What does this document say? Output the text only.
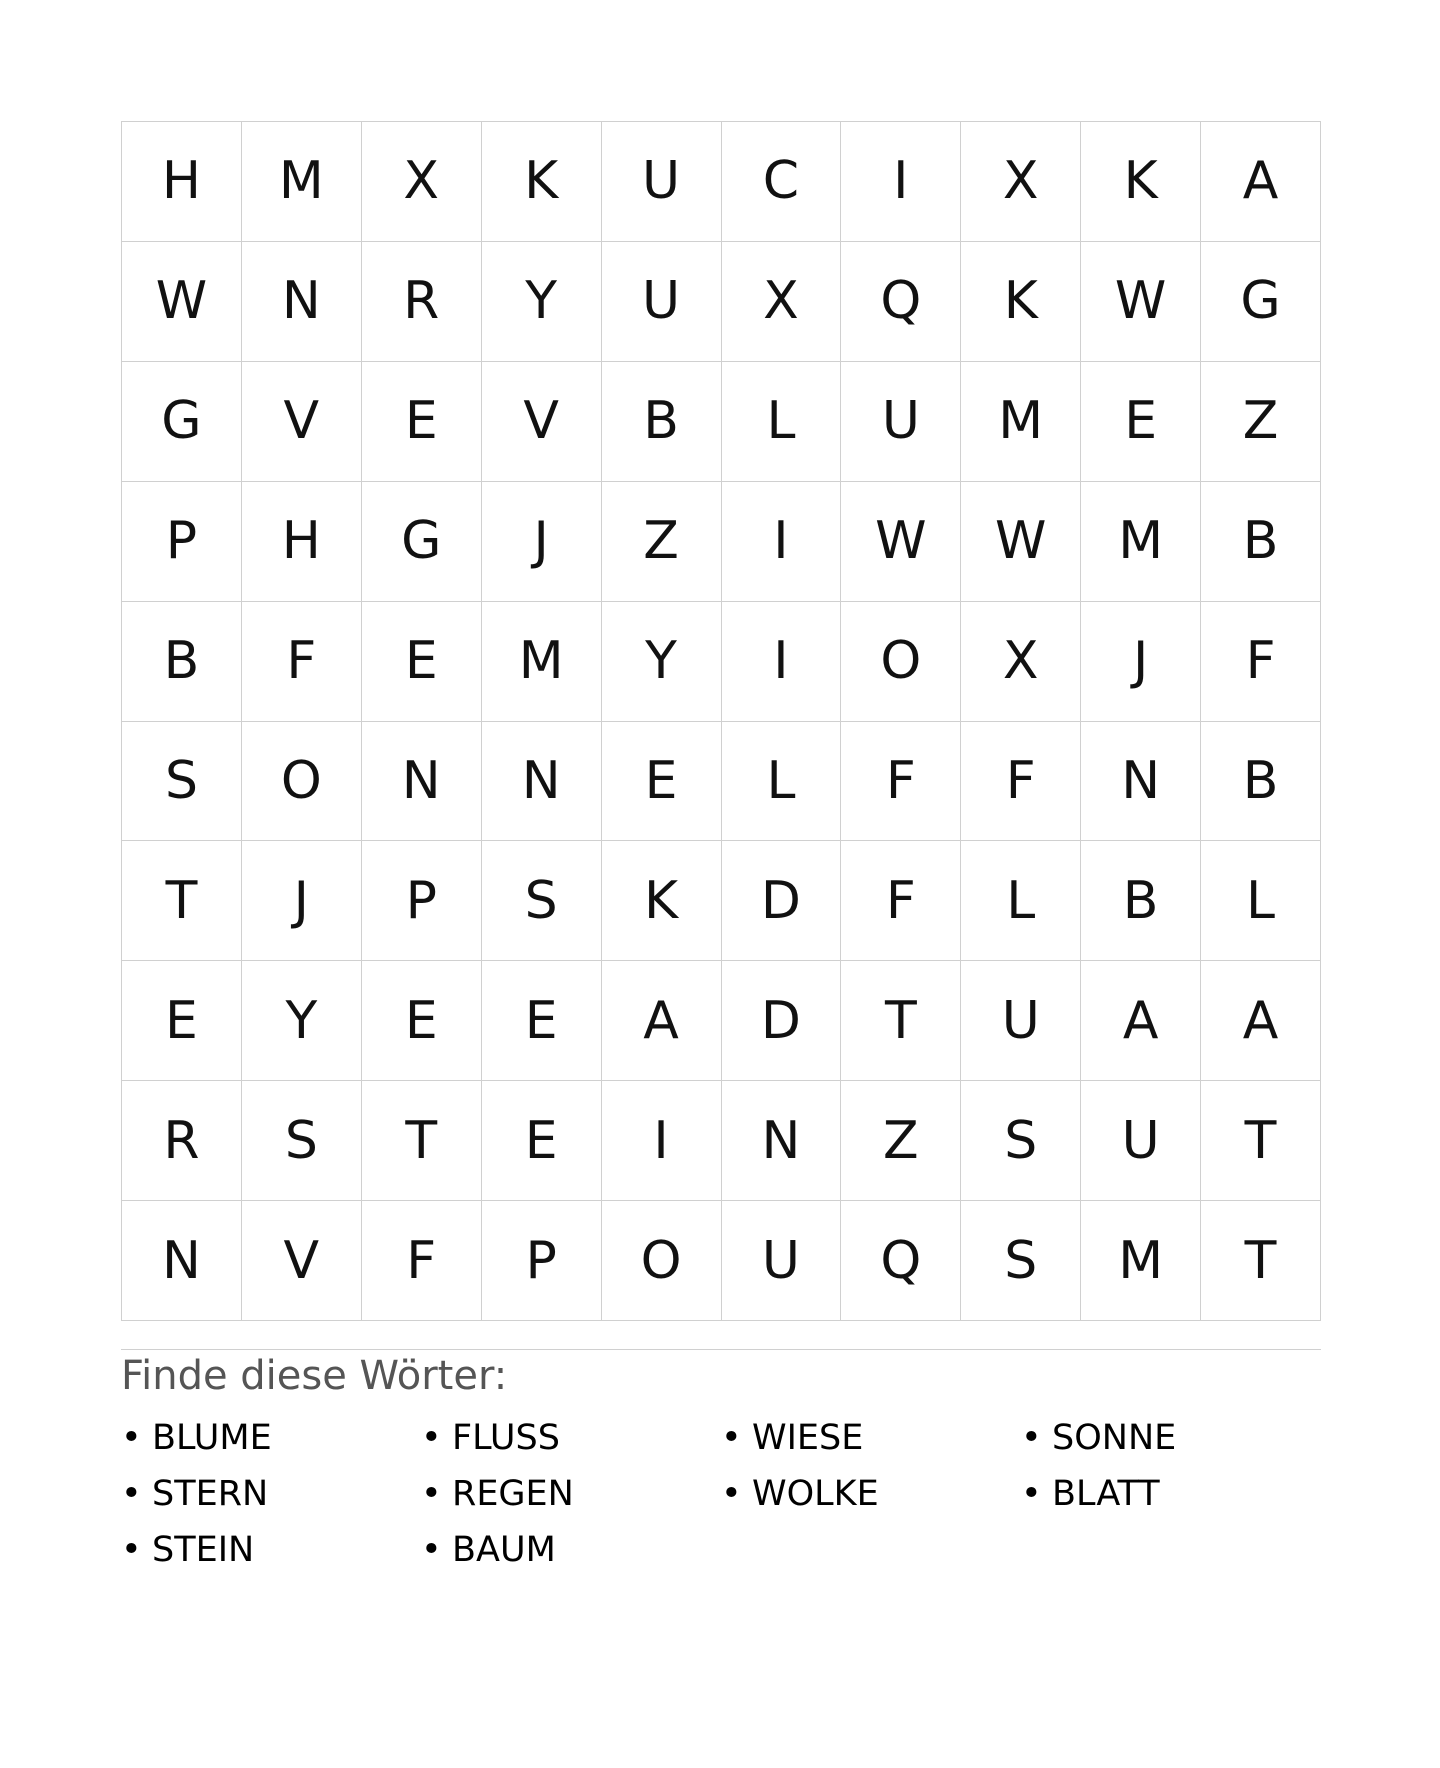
H	M	X	K	U	C	I	X	K	A
W	N	R	Y	U	X	Q	K	W	G
G	V	E	V	B	L	U	M	E	Z
P	H	G	J	Z	I	W	W	M	B
B	F	E	M	Y	I	O	X	J	F
S	O	N	N	E	L	F	F	N	B
T	J	P	S	K	D	F	L	B	L
E	Y	E	E	A	D	T	U	A	A
R	S	T	E	I	N	Z	S	U	T
N	V	F	P	O	U	Q	S	M	T
Finde diese Wörter:
• BLUME	• FLUSS	• WIESE	• SONNE
• STERN	• REGEN	• WOLKE	• BLATT
• STEIN	• BAUM
